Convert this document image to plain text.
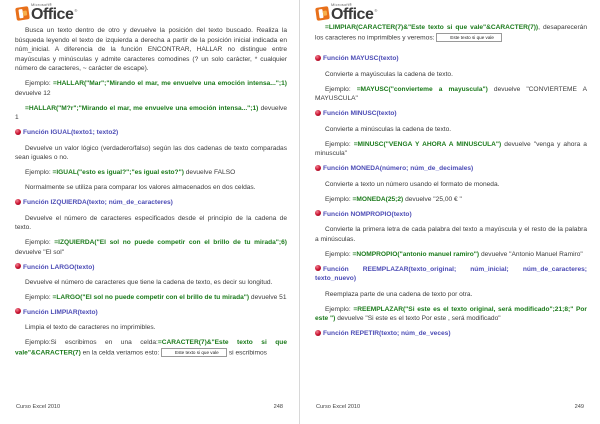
Microsoft®
Office ®

Busca un texto dentro de otro y devuelve la posición del texto buscado. Realiza la búsqueda leyendo el texto de izquierda a derecha a partir de la posición inicial indicada en núm_inicial. A diferencia de la función ENCONTRAR, HALLAR no distingue entre mayúsculas y minúsculas y admite caracteres comodines (? un solo carácter, * cualquier número de caracteres, ~ carácter de escape).

Ejemplo: =HALLAR("Mar";"Mirando el mar, me envuelve una emoción intensa...";1) devuelve 12

=HALLAR("M?r";"Mirando el mar, me envuelve una emoción intensa...";1) devuelve 1

Función IGUAL(texto1; texto2)

Devuelve un valor lógico (verdadero/falso) según las dos cadenas de texto comparadas sean iguales o no.

Ejemplo: =IGUAL("esto es igual?";"es igual esto?") devuelve FALSO

Normalmente se utiliza para comparar los valores almacenados en dos celdas.

Función IZQUIERDA(texto; núm_de_caracteres)

Devuelve el número de caracteres especificados desde el principio de la cadena de texto.

Ejemplo: =IZQUIERDA("El sol no puede competir con el brillo de tu mirada";6) devuelve "El sol"

Función LARGO(texto)

Devuelve el número de caracteres que tiene la cadena de texto, es decir su longitud.

Ejemplo: =LARGO("El sol no puede competir con el brillo de tu mirada") devuelve 51

Función LIMPIAR(texto)

Limpia el texto de caracteres no imprimibles.

Ejemplo:Si escribimos en una celda:=CARACTER(7)&"Este texto si que vale"&CARACTER(7) en la celda veriamos esto:	Este texto si que vale si escribimos

Curso Excel 2010	248
Microsoft®
Office ®

=LIMPIAR(CARACTER(7)&"Este texto si que vale"&CARACTER(7)), desaparecerán los caracteres no imprimibles y veremos:	Este texto si que vale

Función MAYUSC(texto)

Convierte a mayúsculas la cadena de texto.

Ejemplo: =MAYUSC("convierteme a mayuscula") devuelve "CONVIERTEME A MAYUSCULA"

Función MINUSC(texto)

Convierte a minúsculas la cadena de texto.

Ejemplo: =MINUSC("VENGA Y AHORA A MINUSCULA") devuelve "venga y ahora a minuscula"

Función MONEDA(número; núm_de_decimales)

Convierte a texto un número usando el formato de moneda.

Ejemplo: =MONEDA(25;2) devuelve "25,00 € "

Función NOMPROPIO(texto)

Convierte la primera letra de cada palabra del texto a mayúscula y el resto de la palabra a minúsculas.

Ejemplo: =NOMPROPIO("antonio manuel ramiro") devuelve "Antonio Manuel Ramiro"

Función REEMPLAZAR(texto_original; núm_inicial; núm_de_caracteres; texto_nuevo)

Reemplaza parte de una cadena de texto por otra.

Ejemplo: =REEMPLAZAR("Si este es el texto original, será modificado";21;8;" Por este ") devuelve "Si este es el texto Por este , será modificado"

Función REPETIR(texto; núm_de_veces)
Curso Excel 2010	249
